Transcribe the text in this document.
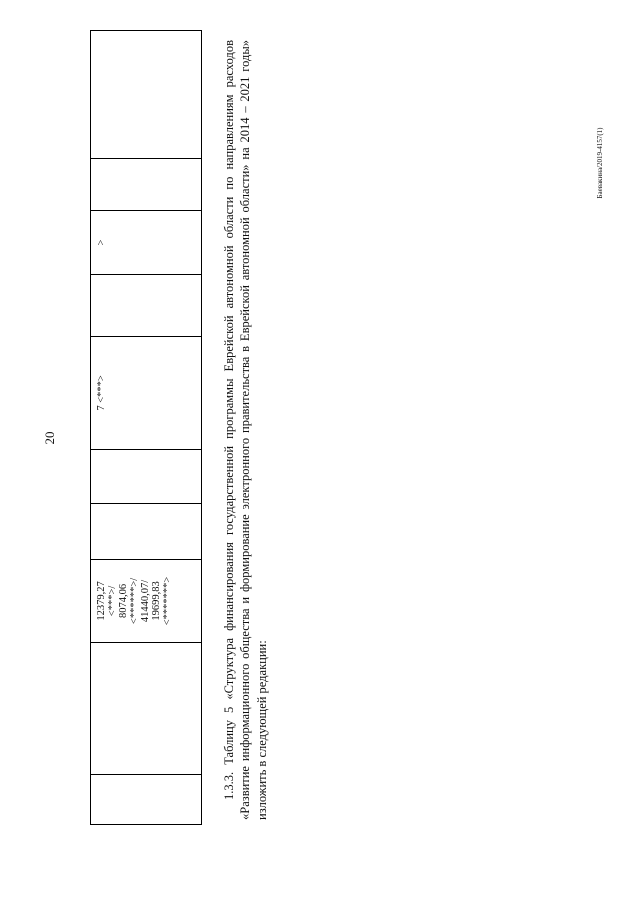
20
Баевакина/2019-4157(1)

12379,27 <***>/ 8074,06 <******>/ 41440,07/ 19699,83 <*******>

7 <***>

>

		1.3.3. Таблицу 5 «Структура финансирования государственной программы Еврейской автономной области по направлениям расходов «Развитие информационного общества и формирование электронного правительства в Еврейской автономной области» на 2014 – 2021 годы» изложить в следующей редакции:
